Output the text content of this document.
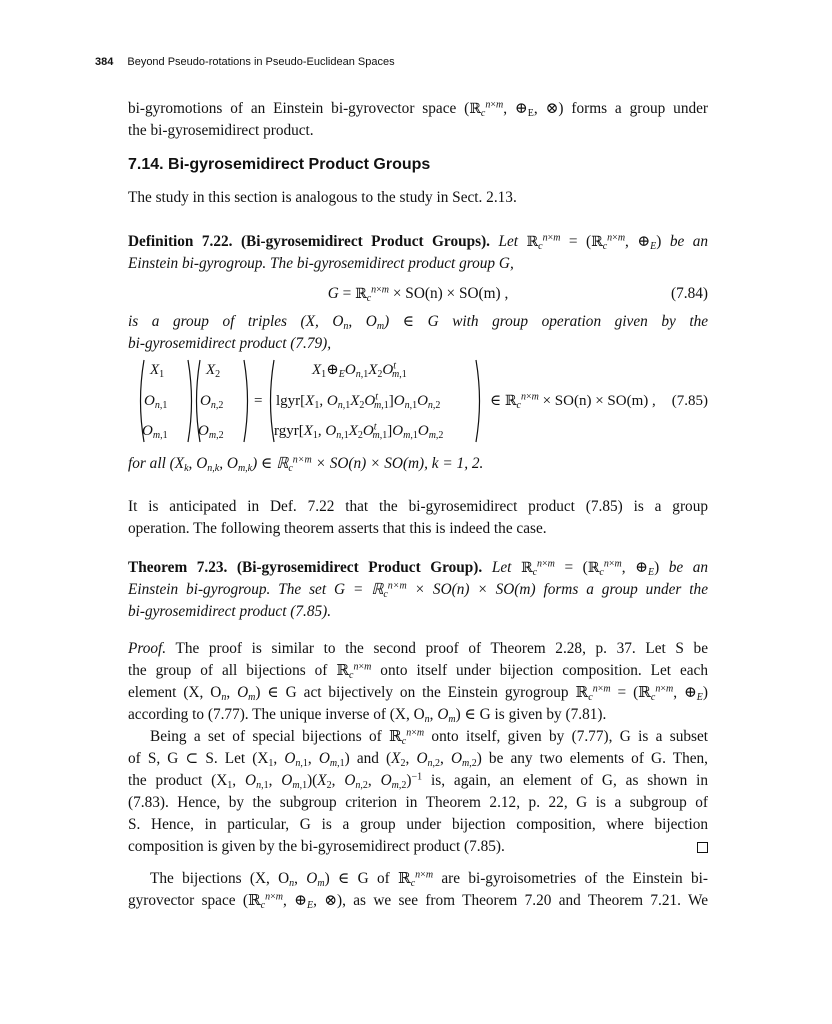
384 Beyond Pseudo-rotations in Pseudo-Euclidean Spaces
bi-gyromotions of an Einstein bi-gyrovector space (ℝ$_c^{n\times m}$, $\oplus_E$, ⊗) forms a group under
the bi-gyrosemidirect product.
7.14. Bi-gyrosemidirect Product Groups
The study in this section is analogous to the study in Sect. 2.13.
Definition 7.22. (Bi-gyrosemidirect Product Groups). Let ℝ$_c^{n\times m}$ = (ℝ$_c^{n\times m}$, $\oplus_E$) be an
Einstein bi-gyrogroup. The bi-gyrosemidirect product group G,
G = ℝ$_c^{n\times m}$ × SO(n) × SO(m) ,	(7.84)
is a group of triples (X, $O_n$, $O_m$) ∈ G with group operation given by the
bi-gyrosemidirect product (7.79),
$X_1$
$O_{n,1}$
$O_{m,1}$
$X_2$
$O_{n,2}$
$O_{m,2}$
=
$X_1\oplus_EO_{n,1}X_2O^t_{m,1}$
$lgyr[X_1$, $O_{n,1}X_2O^t_{m,1}]O_{n,1}O_{n,2}$
$rgyr[X_1$, $O_{n,1}X_2O^t_{m,1}]O_{m,1}O_{m,2}$
∈ ℝ$_c^{n\times m}$ × SO(n) × SO(m) , (7.85)
for all ($X_k$, $O_{n,k}$, $O_{m,k}$) ∈ ℝ$_c^{n\times m}$ × SO(n) × SO(m), k = 1, 2.
It is anticipated in Def. 7.22 that the bi-gyrosemidirect product (7.85) is a group
operation. The following theorem asserts that this is indeed the case.
Theorem 7.23. (Bi-gyrosemidirect Product Group). Let ℝ$_c^{n\times m}$ = (ℝ$_c^{n\times m}$, $\oplus_E$) be an
Einstein bi-gyrogroup. The set G = ℝ$_c^{n\times m}$ × SO(n) × SO(m) forms a group under the
bi-gyrosemidirect product (7.85).
Proof. The proof is similar to the second proof of Theorem 2.28, p. 37. Let S be
the group of all bijections of ℝ$_c^{n\times m}$ onto itself under bijection composition. Let each
element (X, $O_n$, $O_m$) ∈ G act bijectively on the Einstein gyrogroup ℝ$_c^{n\times m}$ = (ℝ$_c^{n\times m}$, $\oplus_E$)
according to (7.77). The unique inverse of (X, $O_n$, $O_m$) ∈ G is given by (7.81).
Being a set of special bijections of ℝ$_c^{n\times m}$ onto itself, given by (7.77), G is a subset
of S, G ⊂ S. Let ($X_1$, $O_{n,1}$, $O_{m,1}$) and ($X_2$, $O_{n,2}$, $O_{m,2}$) be any two elements of G. Then,
the product ($X_1$, $O_{n,1}$, $O_{m,1})(X_2$, $O_{n,2}$, $O_{m,2})^{-1}$ is, again, an element of G, as shown in
(7.83). Hence, by the subgroup criterion in Theorem 2.12, p. 22, G is a subgroup of
S. Hence, in particular, G is a group under bijection composition, where bijection
composition is given by the bi-gyrosemidirect product (7.85).
The bijections (X, $O_n$, $O_m$) ∈ G of ℝ$_c^{n\times m}$ are bi-gyroisometries of the Einstein bi-
gyrovector space (ℝ$_c^{n\times m}$, $\oplus_E$, ⊗), as we see from Theorem 7.20 and Theorem 7.21. We
